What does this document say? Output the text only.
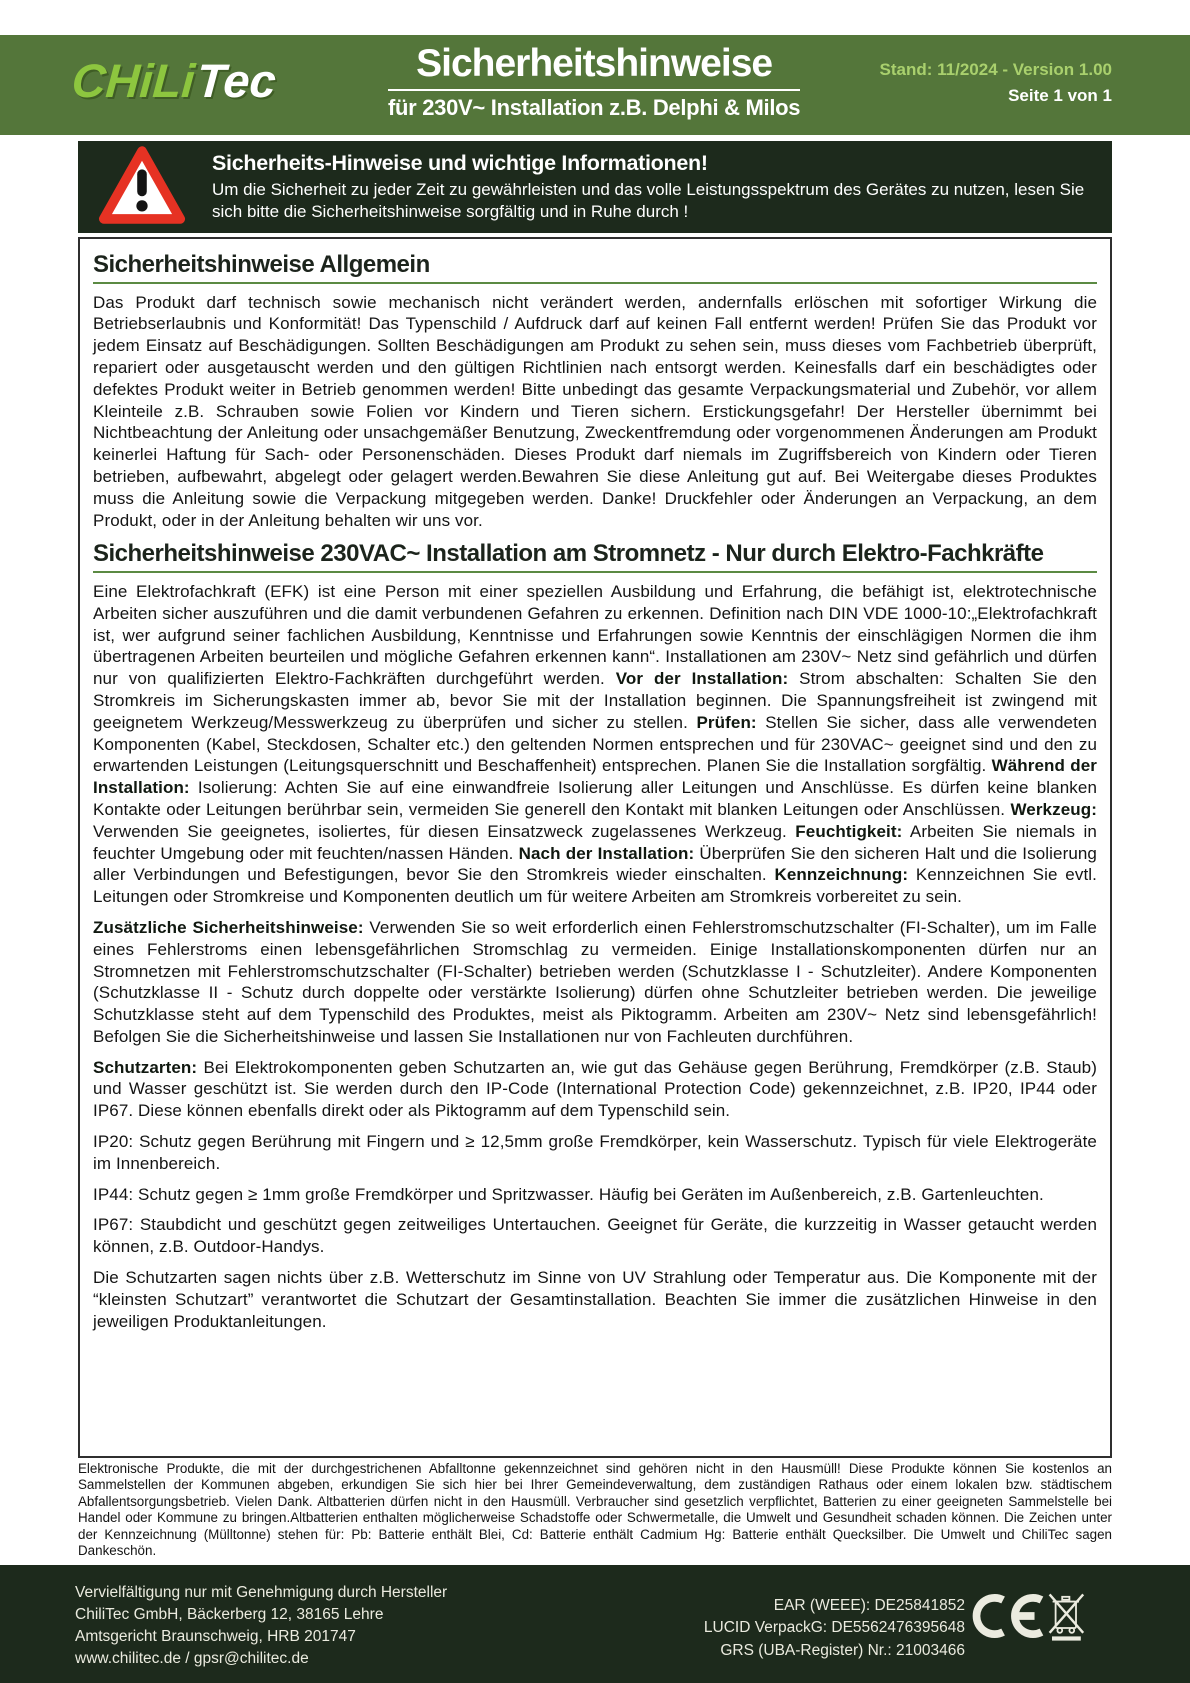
CHiLiTec	Sicherheitshinweise
für 230V~ Installation z.B. Delphi & Milos
Stand: 11/2024 - Version 1.00
Seite 1 von 1
Sicherheits-Hinweise und wichtige Informationen!
Um die Sicherheit zu jeder Zeit zu gewährleisten und das volle Leistungsspektrum des Gerätes zu nutzen, lesen Sie sich bitte die Sicherheitshinweise sorgfältig und in Ruhe durch !
Sicherheitshinweise Allgemein

Das Produkt darf technisch sowie mechanisch nicht verändert werden, andernfalls erlöschen mit sofortiger Wirkung die Betriebserlaubnis und Konformität! Das Typenschild / Aufdruck darf auf keinen Fall entfernt werden! Prüfen Sie das Produkt vor jedem Einsatz auf Beschädigungen. Sollten Beschädigungen am Produkt zu sehen sein, muss dieses vom Fachbetrieb überprüft, repariert oder ausgetauscht werden und den gültigen Richtlinien nach entsorgt werden. Keinesfalls darf ein beschädigtes oder defektes Produkt weiter in Betrieb genommen werden! Bitte unbedingt das gesamte Verpackungsmaterial und Zubehör, vor allem Kleinteile z.B. Schrauben sowie Folien vor Kindern und Tieren sichern. Erstickungsgefahr! Der Hersteller übernimmt bei Nichtbeachtung der Anleitung oder unsachgemäßer Benutzung, Zweckentfremdung oder vorgenommenen Änderungen am Produkt keinerlei Haftung für Sach- oder Personenschäden. Dieses Produkt darf niemals im Zugriffsbereich von Kindern oder Tieren betrieben, aufbewahrt, abgelegt oder gelagert werden.Bewahren Sie diese Anleitung gut auf. Bei Weitergabe dieses Produktes muss die Anleitung sowie die Verpackung mitgegeben werden. Danke! Druckfehler oder Änderungen an Verpackung, an dem Produkt, oder in der Anleitung behalten wir uns vor.

Sicherheitshinweise 230VAC~ Installation am Stromnetz - Nur durch Elektro-Fachkräfte

Eine Elektrofachkraft (EFK) ist eine Person mit einer speziellen Ausbildung und Erfahrung, die befähigt ist, elektrotechnische Arbeiten sicher auszuführen und die damit verbundenen Gefahren zu erkennen. Definition nach DIN VDE 1000-10:„Elektrofachkraft ist, wer aufgrund seiner fachlichen Ausbildung, Kenntnisse und Erfahrungen sowie Kenntnis der einschlägigen Normen die ihm übertragenen Arbeiten beurteilen und mögliche Gefahren erkennen kann“. Installationen am 230V~ Netz sind gefährlich und dürfen nur von qualifizierten Elektro-Fachkräften durchgeführt werden. Vor der Installation: Strom abschalten: Schalten Sie den Stromkreis im Sicherungskasten immer ab, bevor Sie mit der Installation beginnen. Die Spannungsfreiheit ist zwingend mit geeignetem Werkzeug/Messwerkzeug zu überprüfen und sicher zu stellen. Prüfen: Stellen Sie sicher, dass alle verwendeten Komponenten (Kabel, Steckdosen, Schalter etc.) den geltenden Normen entsprechen und für 230VAC~ geeignet sind und den zu erwartenden Leistungen (Leitungsquerschnitt und Beschaffenheit) entsprechen. Planen Sie die Installation sorgfältig. Während der Installation: Isolierung: Achten Sie auf eine einwandfreie Isolierung aller Leitungen und Anschlüsse. Es dürfen keine blanken Kontakte oder Leitungen berührbar sein, vermeiden Sie generell den Kontakt mit blanken Leitungen oder Anschlüssen. Werkzeug: Verwenden Sie geeignetes, isoliertes, für diesen Einsatzweck zugelassenes Werkzeug. Feuchtigkeit: Arbeiten Sie niemals in feuchter Umgebung oder mit feuchten/nassen Händen. Nach der Installation: Überprüfen Sie den sicheren Halt und die Isolierung aller Verbindungen und Befestigungen, bevor Sie den Stromkreis wieder einschalten. Kennzeichnung: Kennzeichnen Sie evtl. Leitungen oder Stromkreise und Komponenten deutlich um für weitere Arbeiten am Stromkreis vorbereitet zu sein.

Zusätzliche Sicherheitshinweise: Verwenden Sie so weit erforderlich einen Fehlerstromschutzschalter (FI-Schalter), um im Falle eines Fehlerstroms einen lebensgefährlichen Stromschlag zu vermeiden. Einige Installationskomponenten dürfen nur an Stromnetzen mit Fehlerstromschutzschalter (FI-Schalter) betrieben werden (Schutzklasse I - Schutzleiter). Andere Komponenten (Schutzklasse II - Schutz durch doppelte oder verstärkte Isolierung) dürfen ohne Schutzleiter betrieben werden. Die jeweilige Schutzklasse steht auf dem Typenschild des Produktes, meist als Piktogramm. Arbeiten am 230V~ Netz sind lebensgefährlich! Befolgen Sie die Sicherheitshinweise und lassen Sie Installationen nur von Fachleuten durchführen.

Schutzarten: Bei Elektrokomponenten geben Schutzarten an, wie gut das Gehäuse gegen Berührung, Fremdkörper (z.B. Staub) und Wasser geschützt ist. Sie werden durch den IP-Code (International Protection Code) gekennzeichnet, z.B. IP20, IP44 oder IP67. Diese können ebenfalls direkt oder als Piktogramm auf dem Typenschild sein.

IP20: Schutz gegen Berührung mit Fingern und ≥ 12,5mm große Fremdkörper, kein Wasserschutz. Typisch für viele Elektrogeräte im Innenbereich.

IP44: Schutz gegen ≥ 1mm große Fremdkörper und Spritzwasser. Häufig bei Geräten im Außenbereich, z.B. Gartenleuchten.

IP67: Staubdicht und geschützt gegen zeitweiliges Untertauchen. Geeignet für Geräte, die kurzzeitig in Wasser getaucht werden können, z.B. Outdoor-Handys.

Die Schutzarten sagen nichts über z.B. Wetterschutz im Sinne von UV Strahlung oder Temperatur aus. Die Komponente mit der “kleinsten Schutzart” verantwortet die Schutzart der Gesamtinstallation. Beachten Sie immer die zusätzlichen Hinweise in den jeweiligen Produktanleitungen.

Elektronische Produkte, die mit der durchgestrichenen Abfalltonne gekennzeichnet sind gehören nicht in den Hausmüll! Diese Produkte können Sie kostenlos an Sammelstellen der Kommunen abgeben, erkundigen Sie sich hier bei Ihrer Gemeindeverwaltung, dem zuständigen Rathaus oder einem lokalen bzw. städtischem Abfallentsorgungsbetrieb. Vielen Dank. Altbatterien dürfen nicht in den Hausmüll. Verbraucher sind gesetzlich verpflichtet, Batterien zu einer geeigneten Sammelstelle bei Handel oder Kommune zu bringen.Altbatterien enthalten möglicherweise Schadstoffe oder Schwermetalle, die Umwelt und Gesundheit schaden können. Die Zeichen unter der Kennzeichnung (Mülltonne) stehen für: Pb: Batterie enthält Blei, Cd: Batterie enthält Cadmium Hg: Batterie enthält Quecksilber. Die Umwelt und ChiliTec sagen Dankeschön.

Vervielfältigung nur mit Genehmigung durch Hersteller
ChiliTec GmbH, Bäckerberg 12, 38165 Lehre
Amtsgericht Braunschweig, HRB 201747
www.chilitec.de / gpsr@chilitec.de
EAR (WEEE): DE25841852
LUCID VerpackG: DE5562476395648
GRS (UBA-Register) Nr.: 21003466
